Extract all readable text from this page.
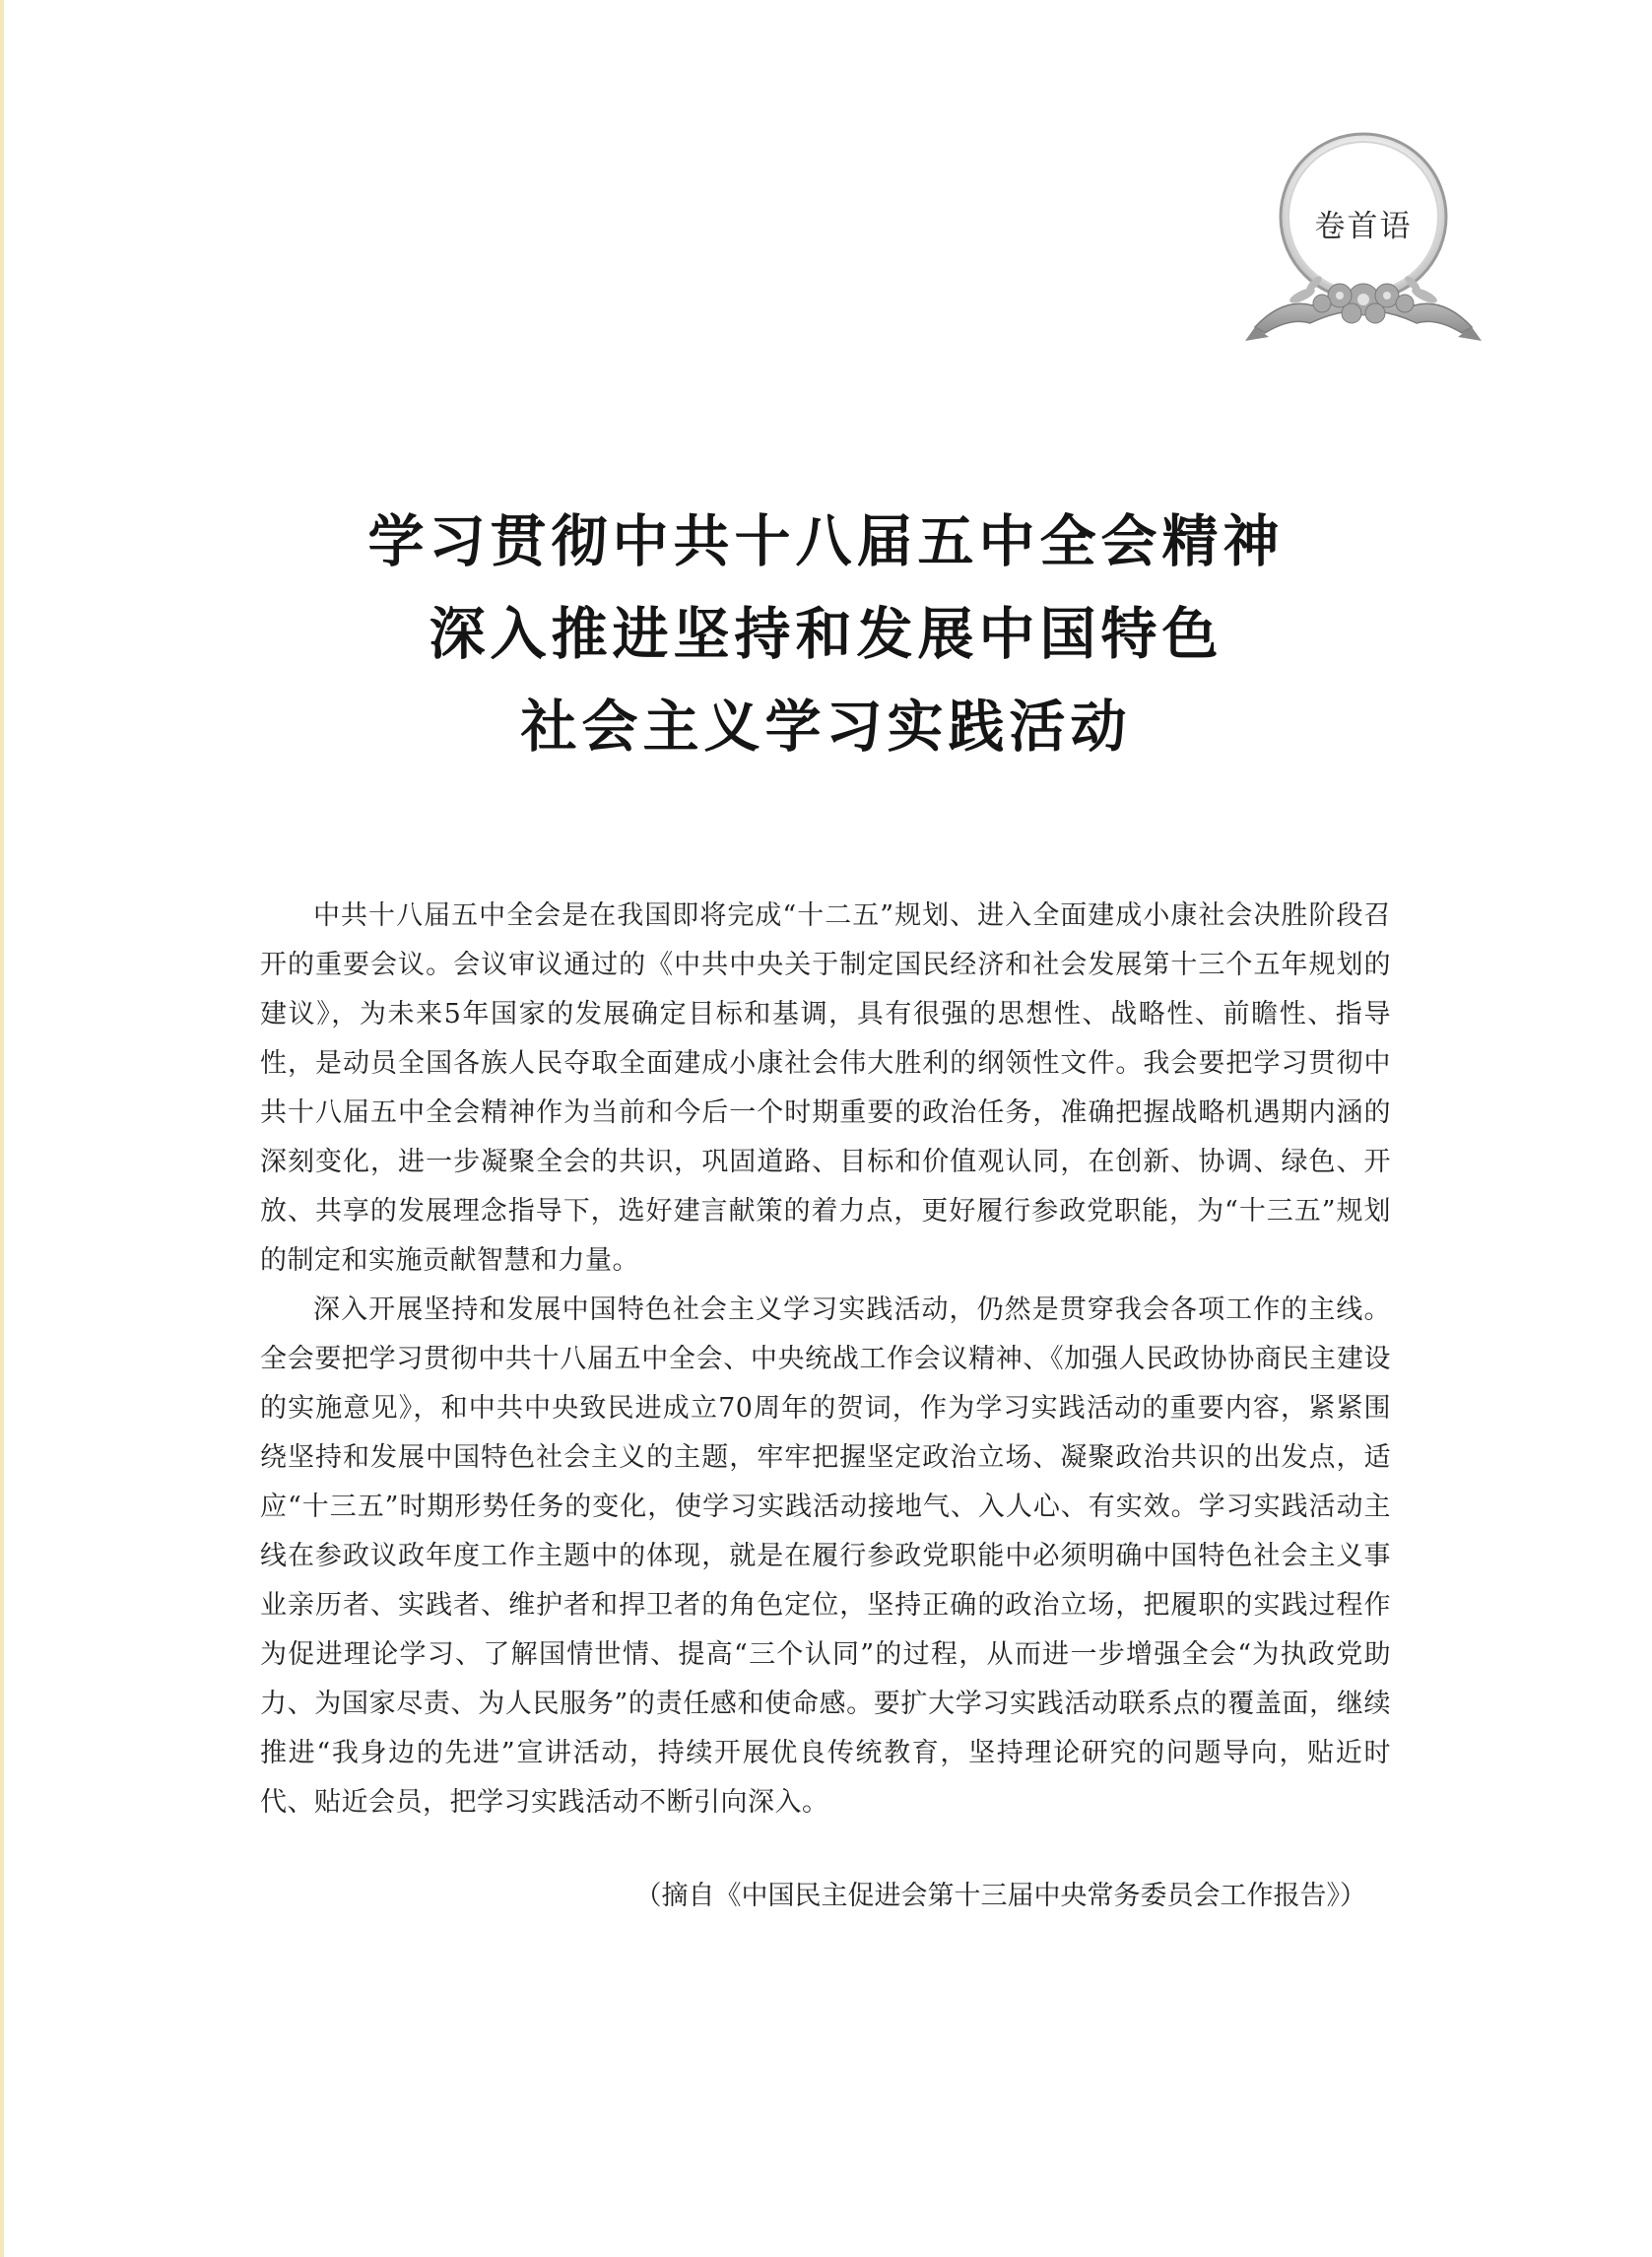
卷首语
学习贯彻中共十八届五中全会精神
深入推进坚持和发展中国特色
社会主义学习实践活动

中共十八届五中全会是在我国即将完成“十二五”规划、进入全面建成小康社会决胜阶段召开的重要会议。会议审议通过的《中共中央关于制定国民经济和社会发展第十三个五年规划的建议》，为未来5年国家的发展确定目标和基调，具有很强的思想性、战略性、前瞻性、指导性，是动员全国各族人民夺取全面建成小康社会伟大胜利的纲领性文件。我会要把学习贯彻中共十八届五中全会精神作为当前和今后一个时期重要的政治任务，准确把握战略机遇期内涵的深刻变化，进一步凝聚全会的共识，巩固道路、目标和价值观认同，在创新、协调、绿色、开放、共享的发展理念指导下，选好建言献策的着力点，更好履行参政党职能，为“十三五”规划的制定和实施贡献智慧和力量。

深入开展坚持和发展中国特色社会主义学习实践活动，仍然是贯穿我会各项工作的主线。全会要把学习贯彻中共十八届五中全会、中央统战工作会议精神、《加强人民政协协商民主建设的实施意见》，和中共中央致民进成立70周年的贺词，作为学习实践活动的重要内容，紧紧围绕坚持和发展中国特色社会主义的主题，牢牢把握坚定政治立场、凝聚政治共识的出发点，适应“十三五”时期形势任务的变化，使学习实践活动接地气、入人心、有实效。学习实践活动主线在参政议政年度工作主题中的体现，就是在履行参政党职能中必须明确中国特色社会主义事业亲历者、实践者、维护者和捍卫者的角色定位，坚持正确的政治立场，把履职的实践过程作为促进理论学习、了解国情世情、提高“三个认同”的过程，从而进一步增强全会“为执政党助力、为国家尽责、为人民服务”的责任感和使命感。要扩大学习实践活动联系点的覆盖面，继续推进“我身边的先进”宣讲活动，持续开展优良传统教育，坚持理论研究的问题导向，贴近时代、贴近会员，把学习实践活动不断引向深入。

（摘自《中国民主促进会第十三届中央常务委员会工作报告》）
